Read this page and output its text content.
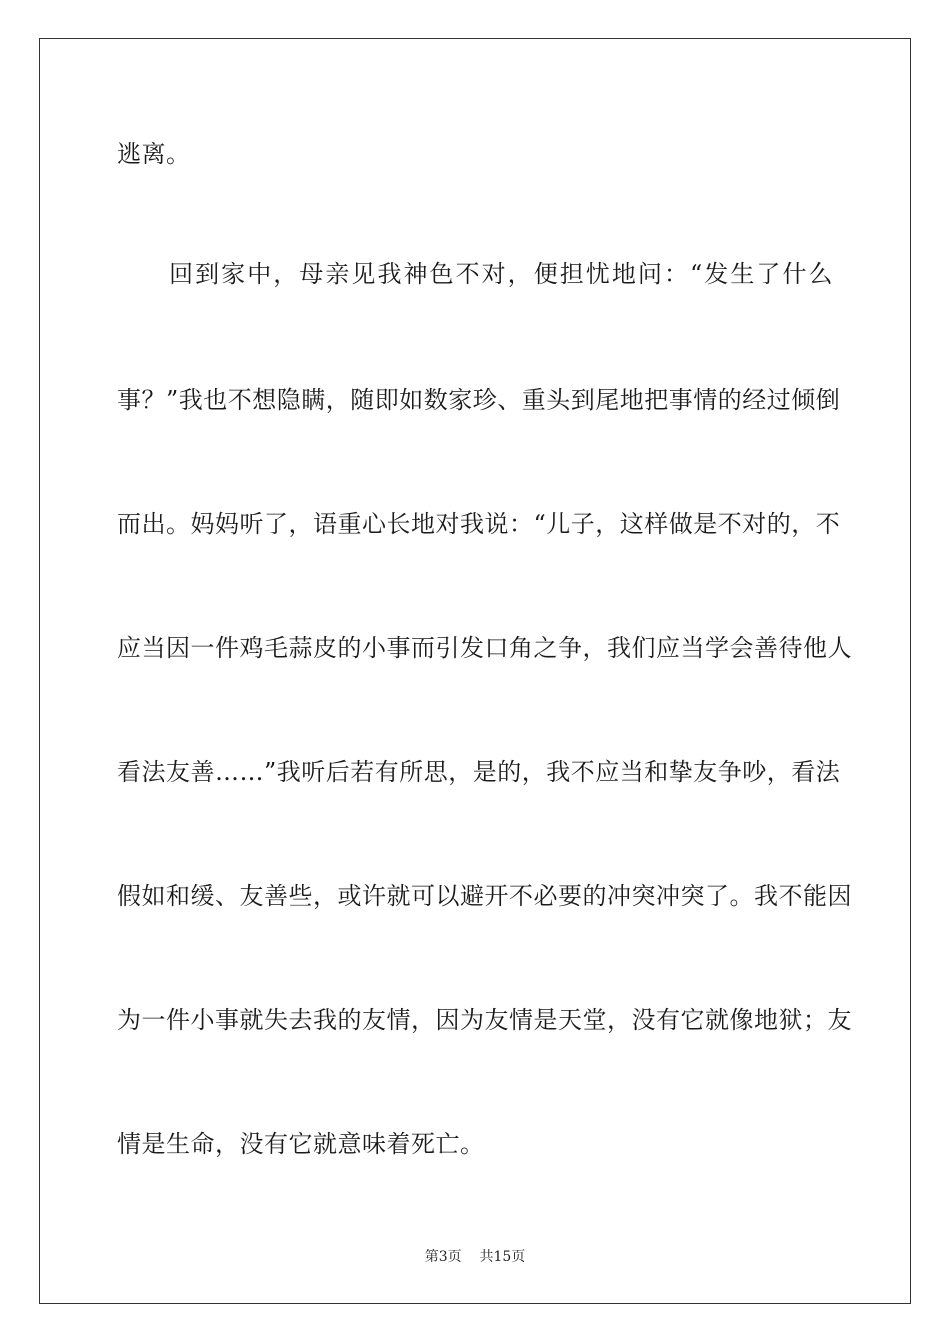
逃离。
　　回到家中，母亲见我神色不对，便担忧地问：“发生了什么
事？”我也不想隐瞒，随即如数家珍、重头到尾地把事情的经过倾倒
而出。妈妈听了，语重心长地对我说：“儿子，这样做是不对的，不
应当因一件鸡毛蒜皮的小事而引发口角之争，我们应当学会善待他人
看法友善……”我听后若有所思，是的，我不应当和挚友争吵，看法
假如和缓、友善些，或许就可以避开不必要的冲突冲突了。我不能因
为一件小事就失去我的友情，因为友情是天堂，没有它就像地狱；友
情是生命，没有它就意味着死亡。
第3页 共15页
